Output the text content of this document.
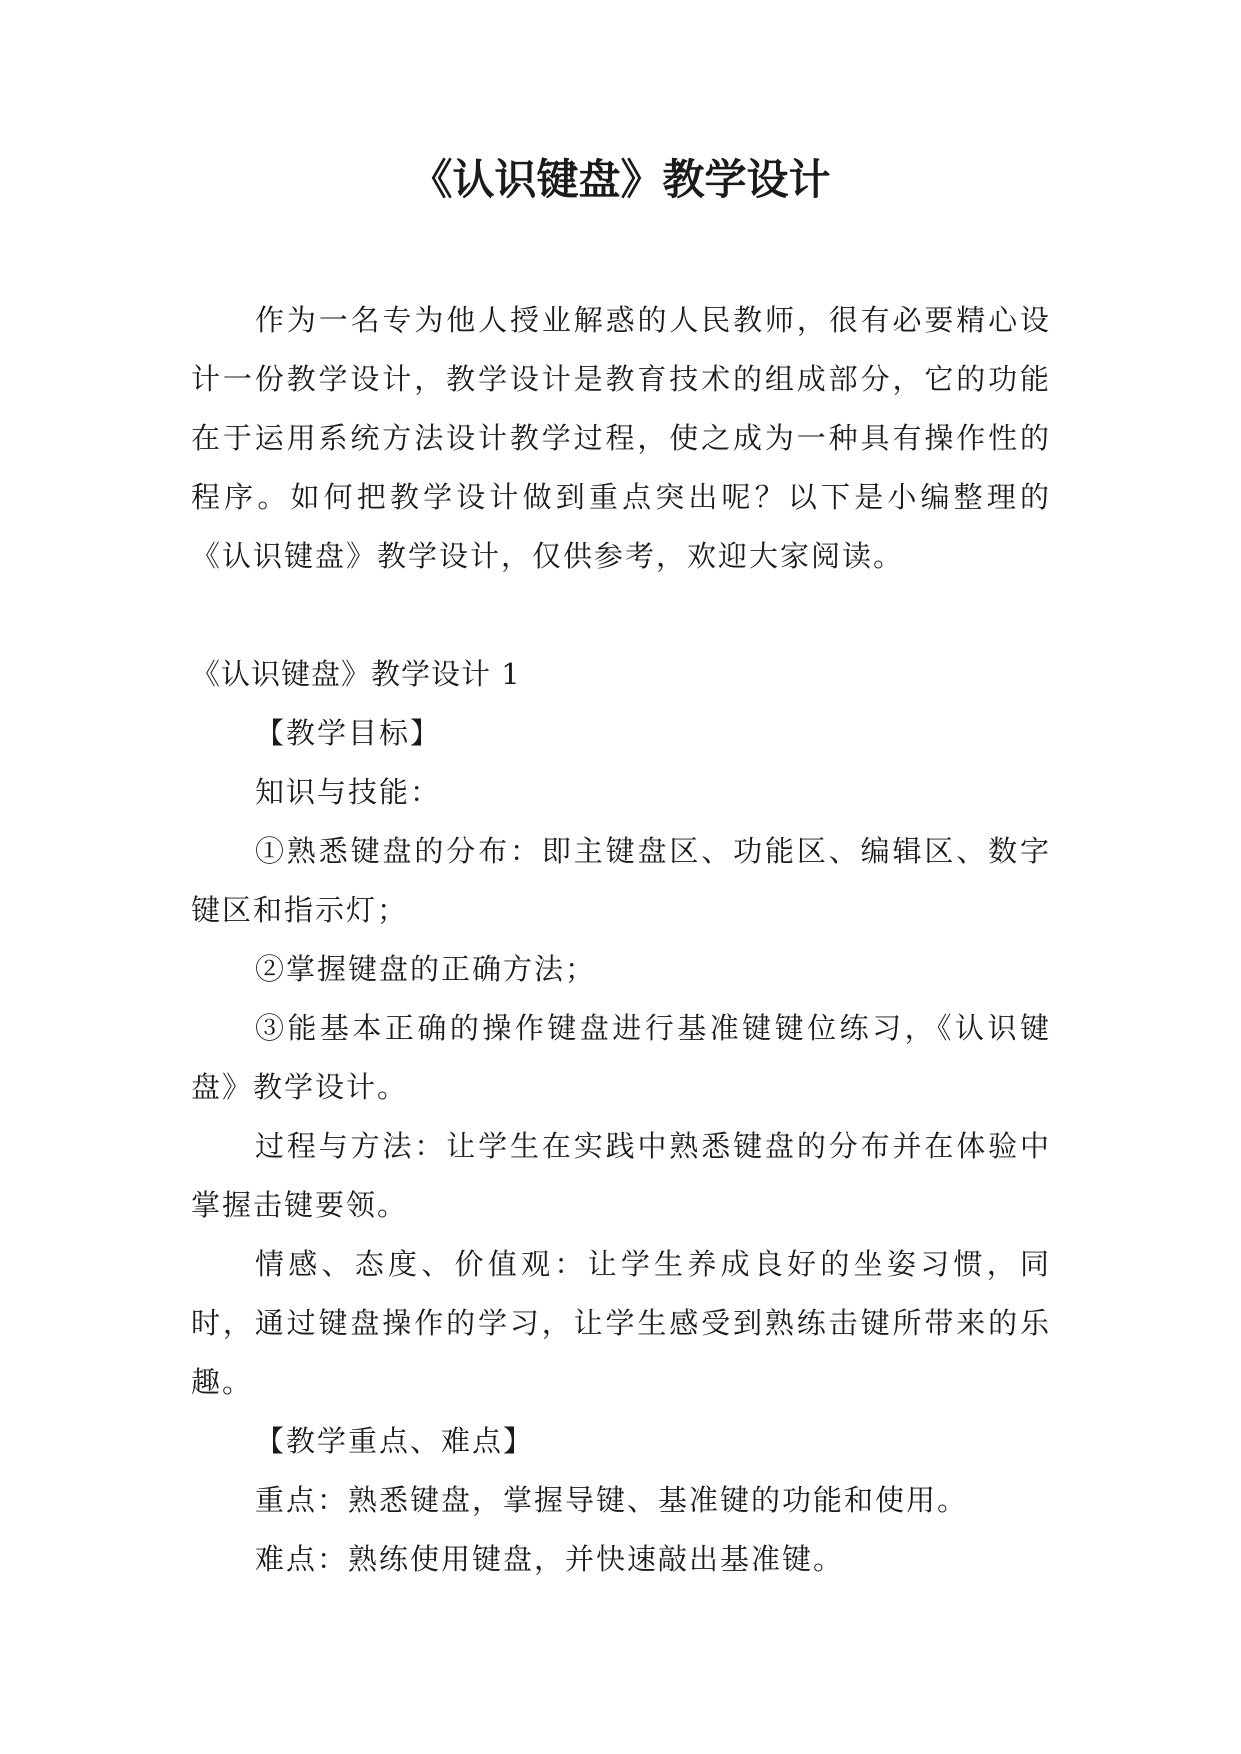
《认识键盘》教学设计

作为一名专为他人授业解惑的人民教师，很有必要精心设计一份教学设计，教学设计是教育技术的组成部分，它的功能在于运用系统方法设计教学过程，使之成为一种具有操作性的程序。如何把教学设计做到重点突出呢？以下是小编整理的《认识键盘》教学设计，仅供参考，欢迎大家阅读。

《认识键盘》教学设计 1

【教学目标】

知识与技能：

①熟悉键盘的分布：即主键盘区、功能区、编辑区、数字键区和指示灯；

②掌握键盘的正确方法；

③能基本正确的操作键盘进行基准键键位练习，《认识键盘》教学设计。

过程与方法：让学生在实践中熟悉键盘的分布并在体验中掌握击键要领。

情感、态度、价值观：让学生养成良好的坐姿习惯，同时，通过键盘操作的学习，让学生感受到熟练击键所带来的乐趣。

【教学重点、难点】

重点：熟悉键盘，掌握导键、基准键的功能和使用。

难点：熟练使用键盘，并快速敲出基准键。
